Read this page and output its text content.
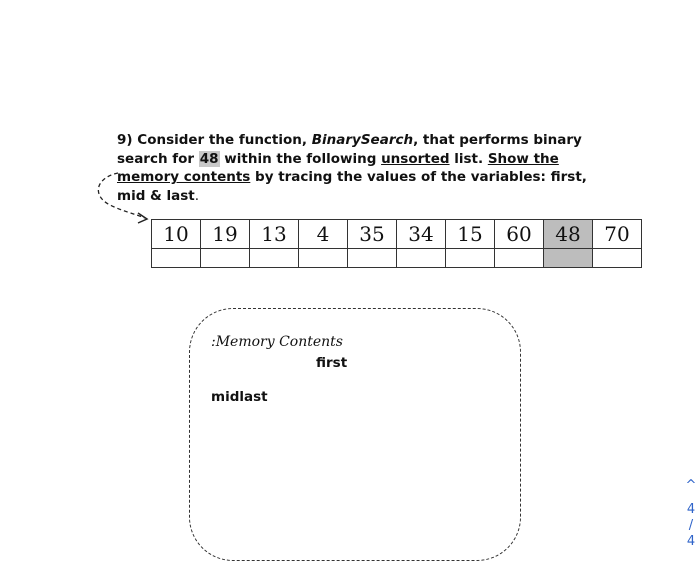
9) Consider the function, BinarySearch, that performs binary search for 48 within the following unsorted list. Show the memory contents by tracing the values of the variables: first, mid & last.

10	19	13	4	35	34	15	60	48	70

:Memory Contents
first
midlast
^
4
/
4
